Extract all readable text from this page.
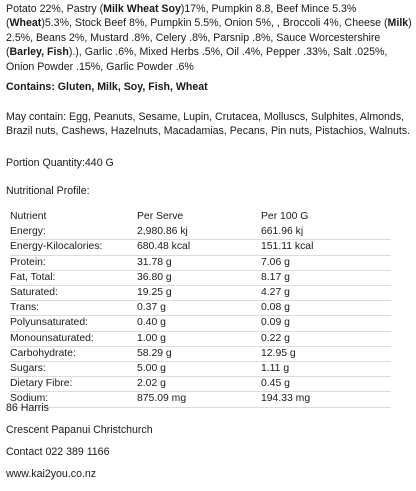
Potato 22%, Pastry (Milk Wheat Soy)17%, Pumpkin 8.8, Beef Mince 5.3% (Wheat)5.3%, Stock Beef 8%, Pumpkin 5.5%, Onion 5%, , Broccoli 4%, Cheese (Milk) 2.5%, Beans 2%, Mustard .8%, Celery .8%, Parsnip .8%, Sauce Worcestershire (Barley, Fish).), Garlic .6%, Mixed Herbs .5%, Oil .4%, Pepper .33%, Salt .025%, Onion Powder .15%, Garlic Powder .6%

Contains: Gluten, Milk, Soy, Fish, Wheat

May contain: Egg, Peanuts, Sesame, Lupin, Crutacea, Molluscs, Sulphites, Almonds, Brazil nuts, Cashews, Hazelnuts, Macadamias, Pecans, Pin nuts, Pistachios, Walnuts.

Portion Quantity:440 G

Nutritional Profile:

Nutrient	Per Serve	Per 100 G
Energy:	2,980.86 kj	661.96 kj
Energy-Kilocalories:	680.48 kcal	151.11 kcal
Protein:	31.78 g	7.06 g
Fat, Total:	36.80 g	8.17 g
Saturated:	19.25 g	4.27 g
Trans:	0.37 g	0.08 g
Polyunsaturated:	0.40 g	0.09 g
Monounsaturated:	1.00 g	0.22 g
Carbohydrate:	58.29 g	12.95 g
Sugars:	5.00 g	1.11 g
Dietary Fibre:	2.02 g	0.45 g
Sodium:	875.09 mg	194.33 mg
86 Harris
Crescent Papanui Christchurch
Contact 022 389 1166
www.kai2you.co.nz
